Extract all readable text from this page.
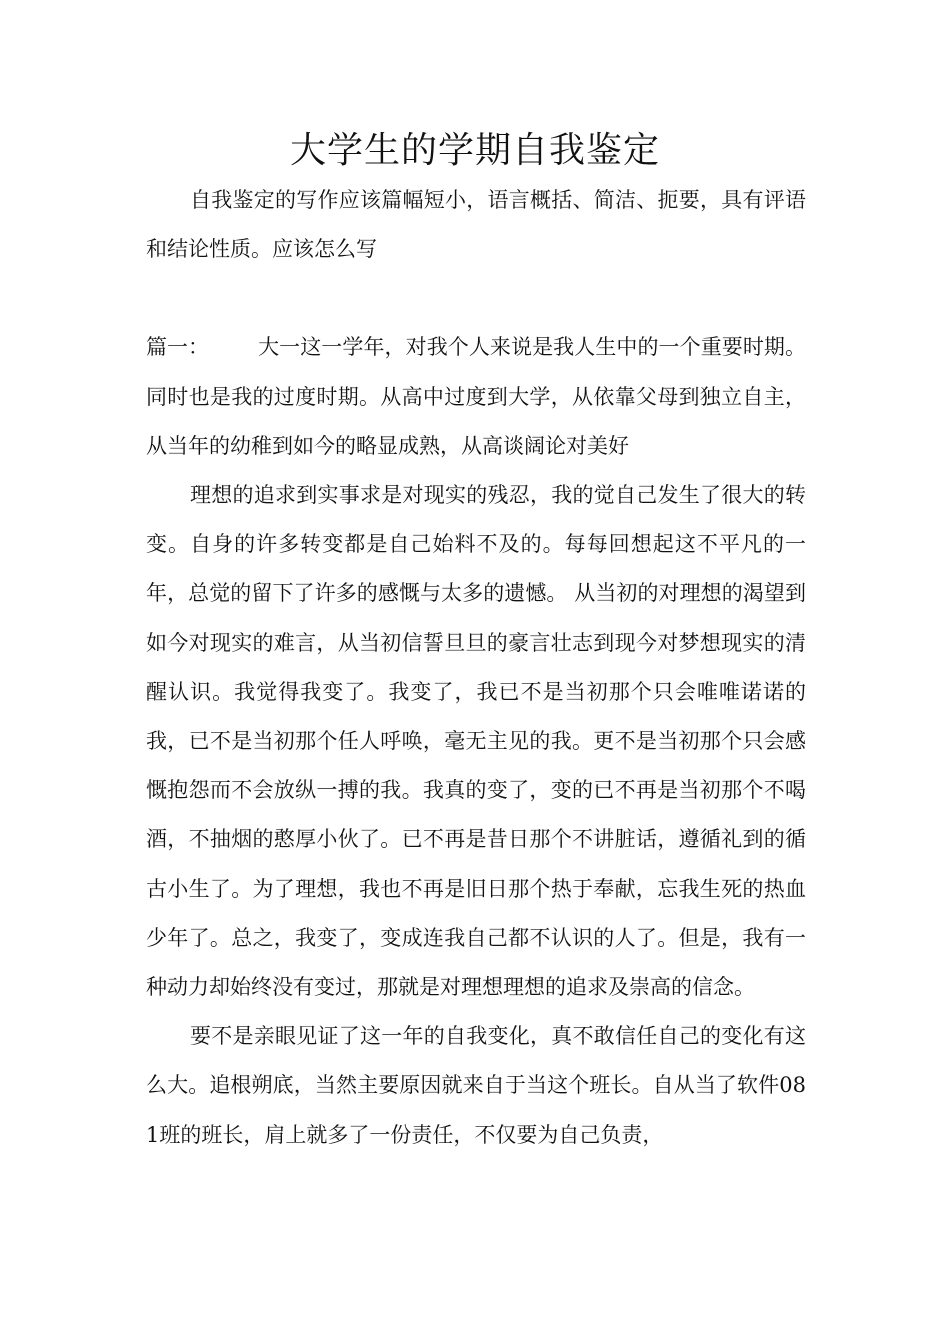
大学生的学期自我鉴定

自我鉴定的写作应该篇幅短小，语言概括、简洁、扼要，具有评语和结论性质。应该怎么写

篇一： 大一这一学年，对我个人来说是我人生中的一个重要时期。同时也是我的过度时期。从高中过度到大学，从依靠父母到独立自主，从当年的幼稚到如今的略显成熟，从高谈阔论对美好

理想的追求到实事求是对现实的残忍，我的觉自己发生了很大的转变。自身的许多转变都是自己始料不及的。每每回想起这不平凡的一年，总觉的留下了许多的感慨与太多的遗憾。 从当初的对理想的渴望到如今对现实的难言，从当初信誓旦旦的豪言壮志到现今对梦想现实的清醒认识。我觉得我变了。我变了，我已不是当初那个只会唯唯诺诺的我，已不是当初那个任人呼唤，毫无主见的我。更不是当初那个只会感慨抱怨而不会放纵一搏的我。我真的变了，变的已不再是当初那个不喝酒，不抽烟的憨厚小伙了。已不再是昔日那个不讲脏话，遵循礼到的循古小生了。为了理想，我也不再是旧日那个热于奉献，忘我生死的热血少年了。总之，我变了，变成连我自己都不认识的人了。但是，我有一种动力却始终没有变过，那就是对理想理想的追求及崇高的信念。

要不是亲眼见证了这一年的自我变化，真不敢信任自己的变化有这么大。追根朔底，当然主要原因就来自于当这个班长。自从当了软件081班的班长，肩上就多了一份责任，不仅要为自己负责，
